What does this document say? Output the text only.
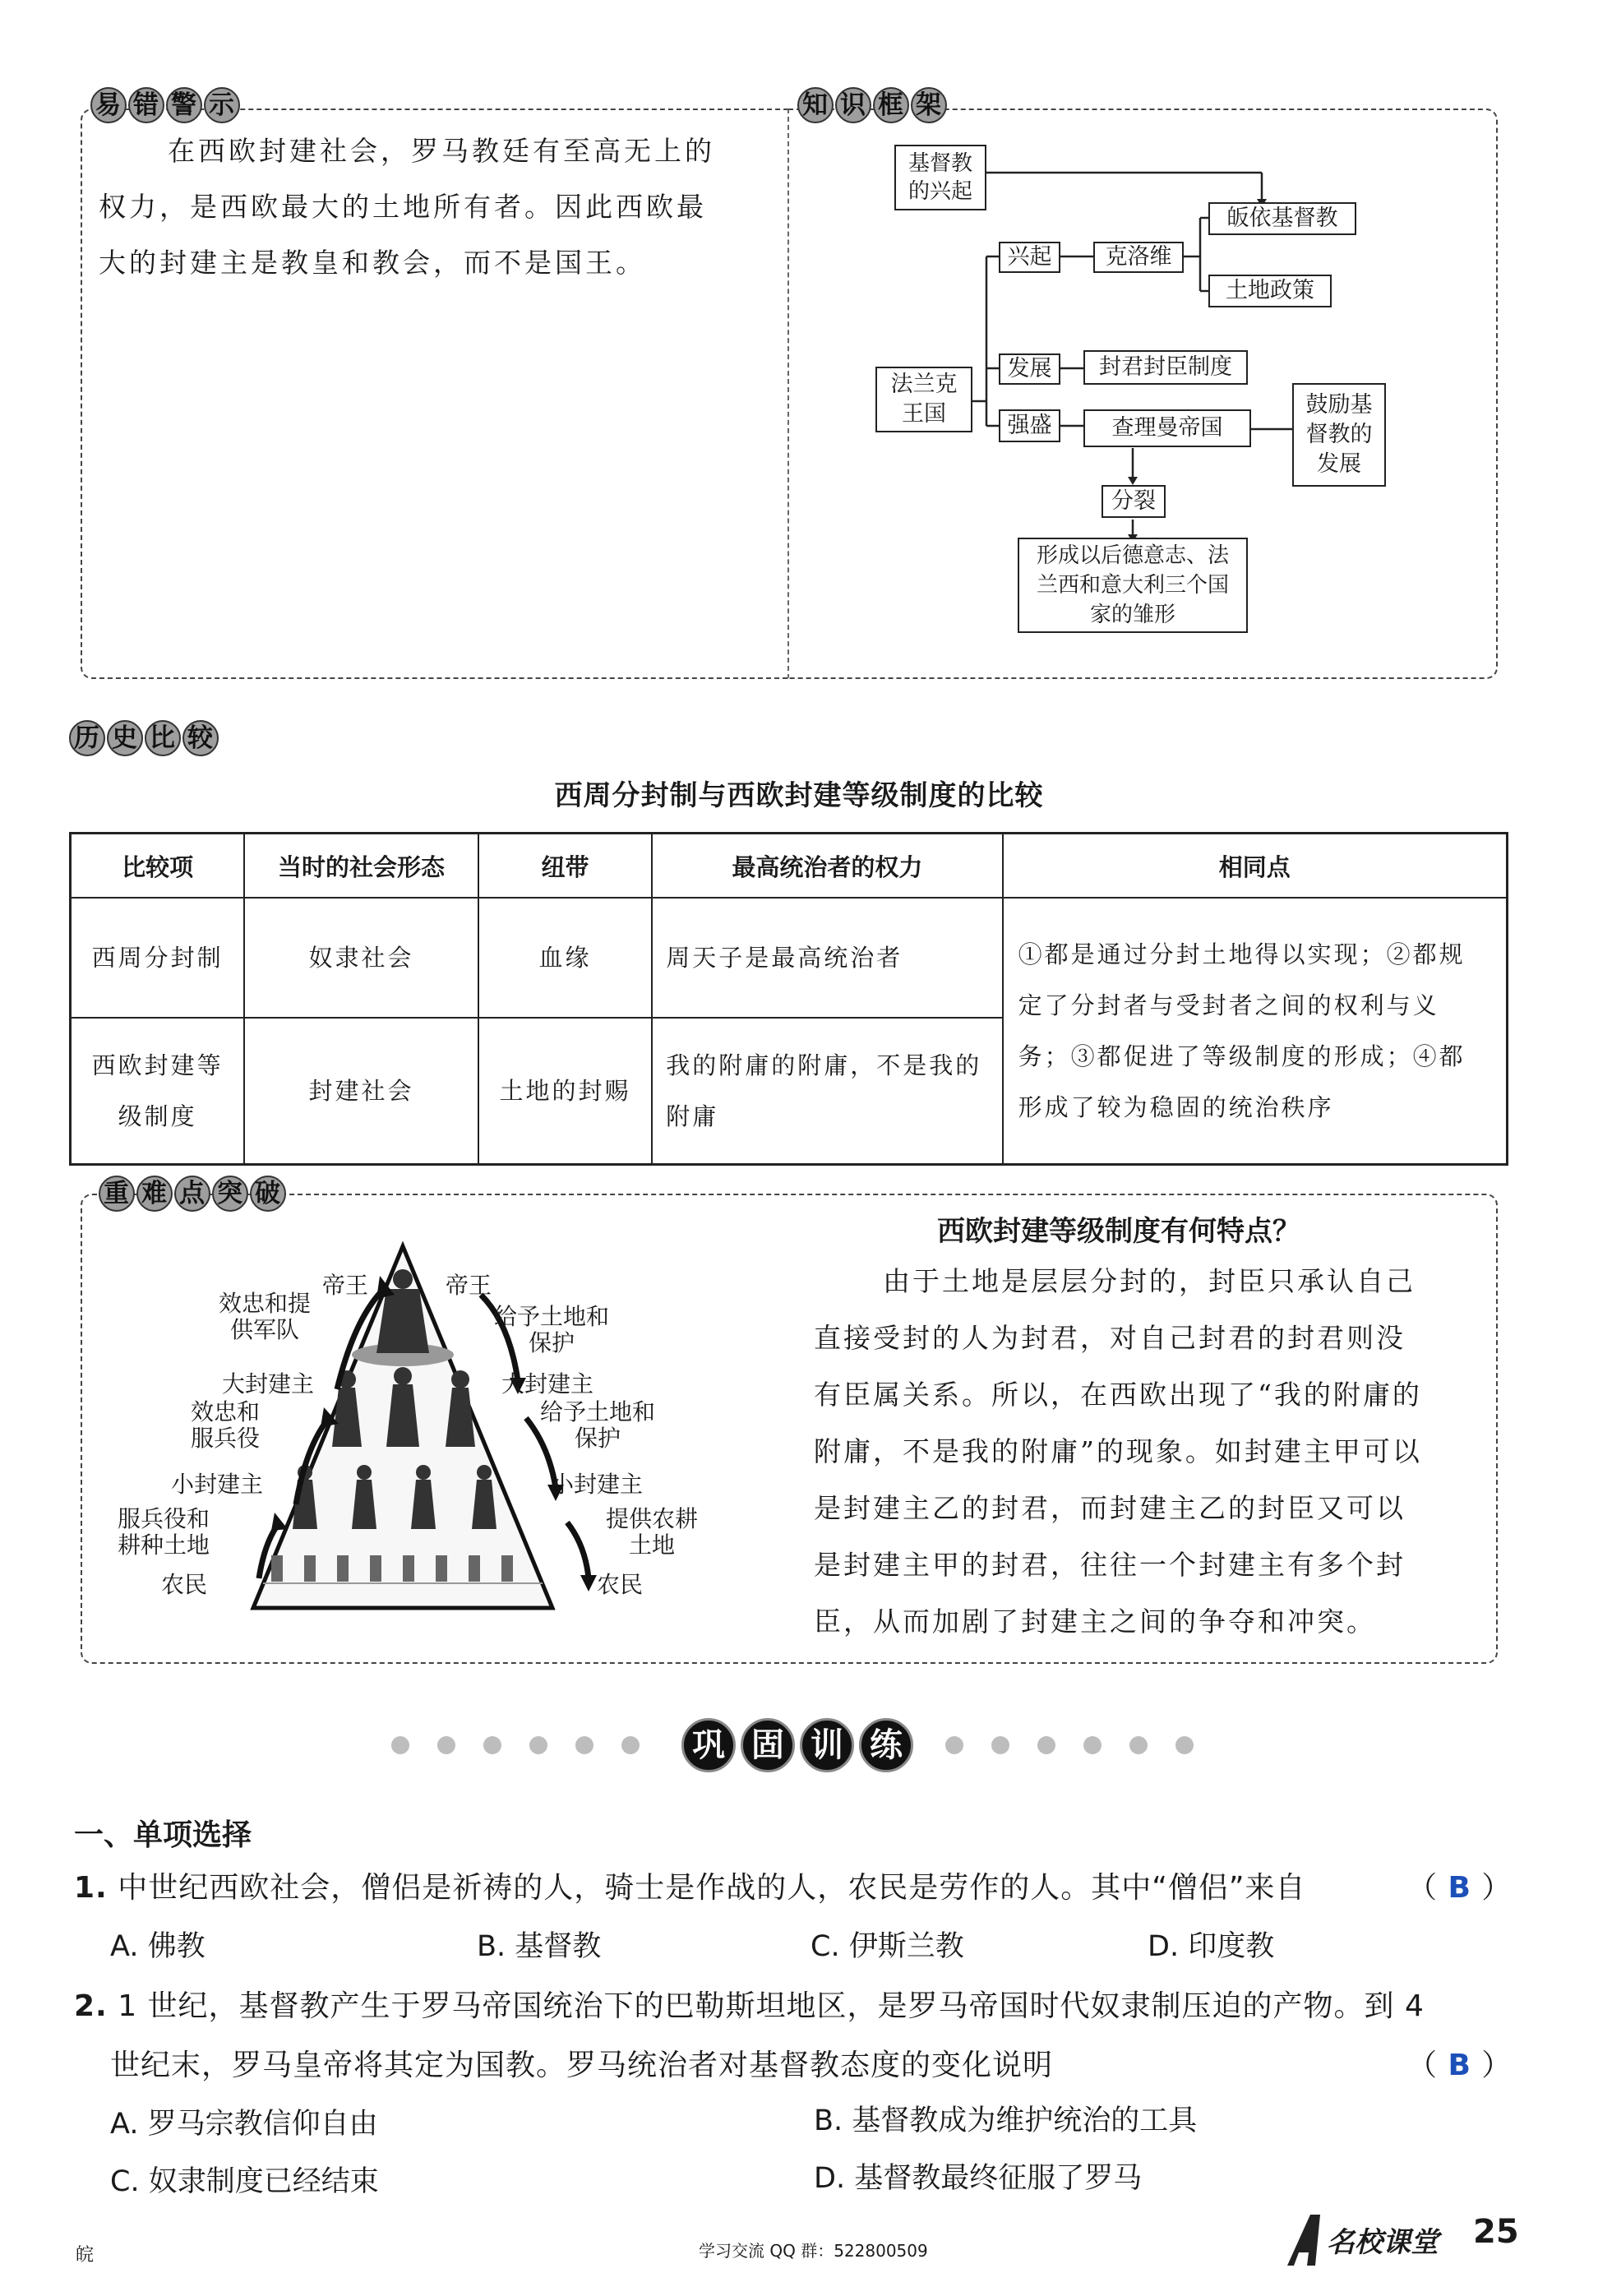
易 错 警 示
在西欧封建社会，罗马教廷有至高无上的
权力，是西欧最大的土地所有者。因此西欧最
大的封建主是教皇和教会，而不是国王。
知 识 框 架
基督教的兴起
法兰克王国
兴起 克洛维
皈依基督教
土地政策
发展 封君封臣制度
强盛	查理曼帝国
鼓励基督教的发展
分裂
形成以后德意志、法兰西和意大利三个国家的雏形
历 史 比 较
西周分封制与西欧封建等级制度的比较
比较项	当时的社会形态	纽带	最高统治者的权力	相同点
西周分封制	奴隶社会	血缘	周天子是最高统治者	①都是通过分封土地得以实现；②都规定了分封者与受封者之间的权利与义务；③都促进了等级制度的形成；④都形成了较为稳固的统治秩序
西欧封建等级制度	封建社会	土地的封赐	我的附庸的附庸，不是我的附庸	
重 难 点 突 破
帝王	帝王
效忠和提供军队	给予土地和保护
大封建主	大封建主
效忠和服兵役
给予土地和保护
小封建主	小封建主
服兵役和耕种土地
提供农耕土地
农民	农民
西欧封建等级制度有何特点？
由于土地是层层分封的，封臣只承认自己
直接受封的人为封君，对自己封君的封君则没
有臣属关系。所以，在西欧出现了“我的附庸的
附庸，不是我的附庸”的现象。如封建主甲可以
是封建主乙的封君，而封建主乙的封臣又可以
是封建主甲的封君，往往一个封建主有多个封
臣，从而加剧了封建主之间的争夺和冲突。
巩 固 训 练
一、单项选择
1. 中世纪西欧社会，僧侣是祈祷的人，骑士是作战的人，农民是劳作的人。其中“僧侣”来自	（ B ）
A. 佛教	B. 基督教	C. 伊斯兰教	D. 印度教
2. 1 世纪，基督教产生于罗马帝国统治下的巴勒斯坦地区，是罗马帝国时代奴隶制压迫的产物。到 4
世纪末，罗马皇帝将其定为国教。罗马统治者对基督教态度的变化说明	（ B ）
A. 罗马宗教信仰自由	B. 基督教成为维护统治的工具
C. 奴隶制度已经结束	D. 基督教最终征服了罗马
皖	学习交流 QQ 群：522800509	名校课堂 25
